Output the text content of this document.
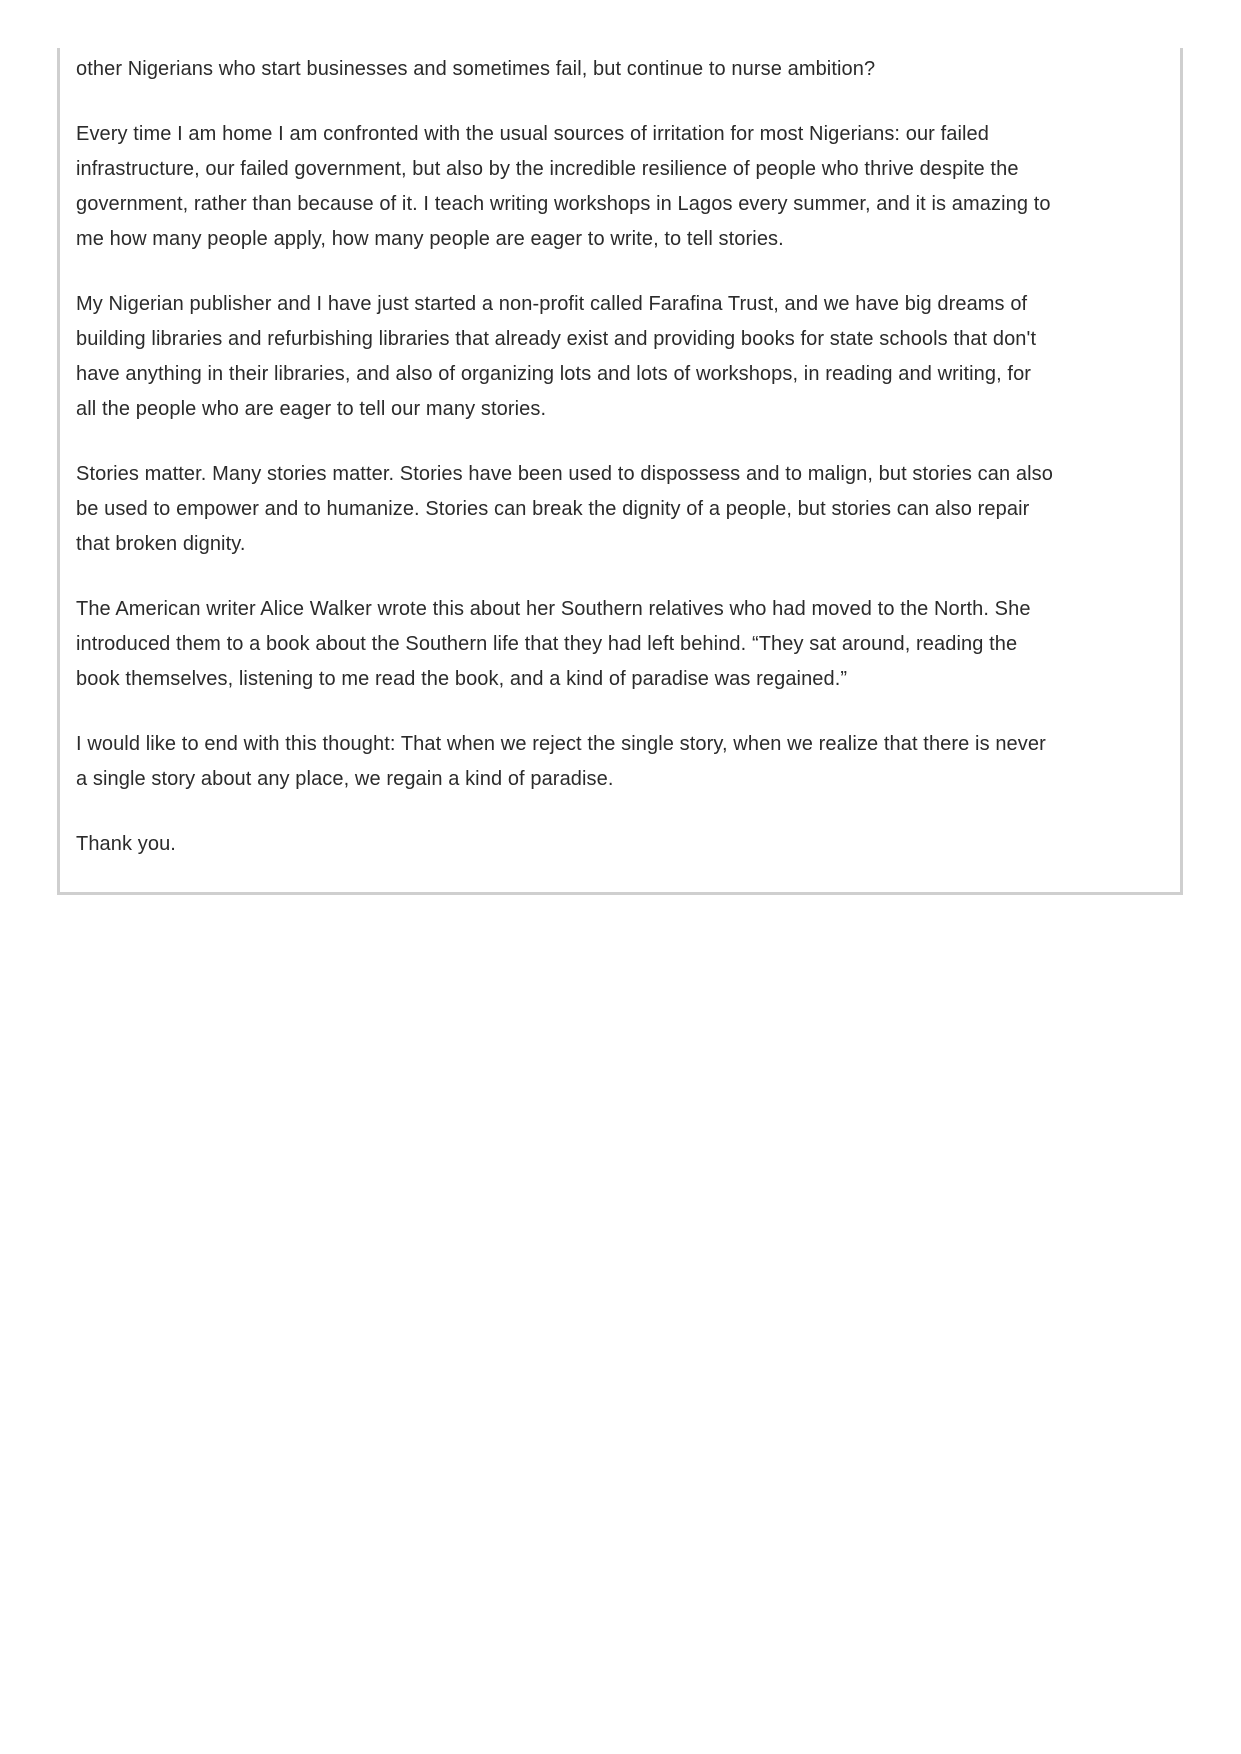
other Nigerians who start businesses and sometimes fail, but continue to nurse ambition?

Every time I am home I am confronted with the usual sources of irritation for most Nigerians: our failed infrastructure, our failed government, but also by the incredible resilience of people who thrive despite the government, rather than because of it. I teach writing workshops in Lagos every summer, and it is amazing to me how many people apply, how many people are eager to write, to tell stories.

My Nigerian publisher and I have just started a non-profit called Farafina Trust, and we have big dreams of building libraries and refurbishing libraries that already exist and providing books for state schools that don't have anything in their libraries, and also of organizing lots and lots of workshops, in reading and writing, for all the people who are eager to tell our many stories.

Stories matter. Many stories matter. Stories have been used to dispossess and to malign, but stories can also be used to empower and to humanize. Stories can break the dignity of a people, but stories can also repair that broken dignity.

The American writer Alice Walker wrote this about her Southern relatives who had moved to the North. She introduced them to a book about the Southern life that they had left behind. “They sat around, reading the book themselves, listening to me read the book, and a kind of paradise was regained.”

I would like to end with this thought: That when we reject the single story, when we realize that there is never a single story about any place, we regain a kind of paradise.

Thank you.
